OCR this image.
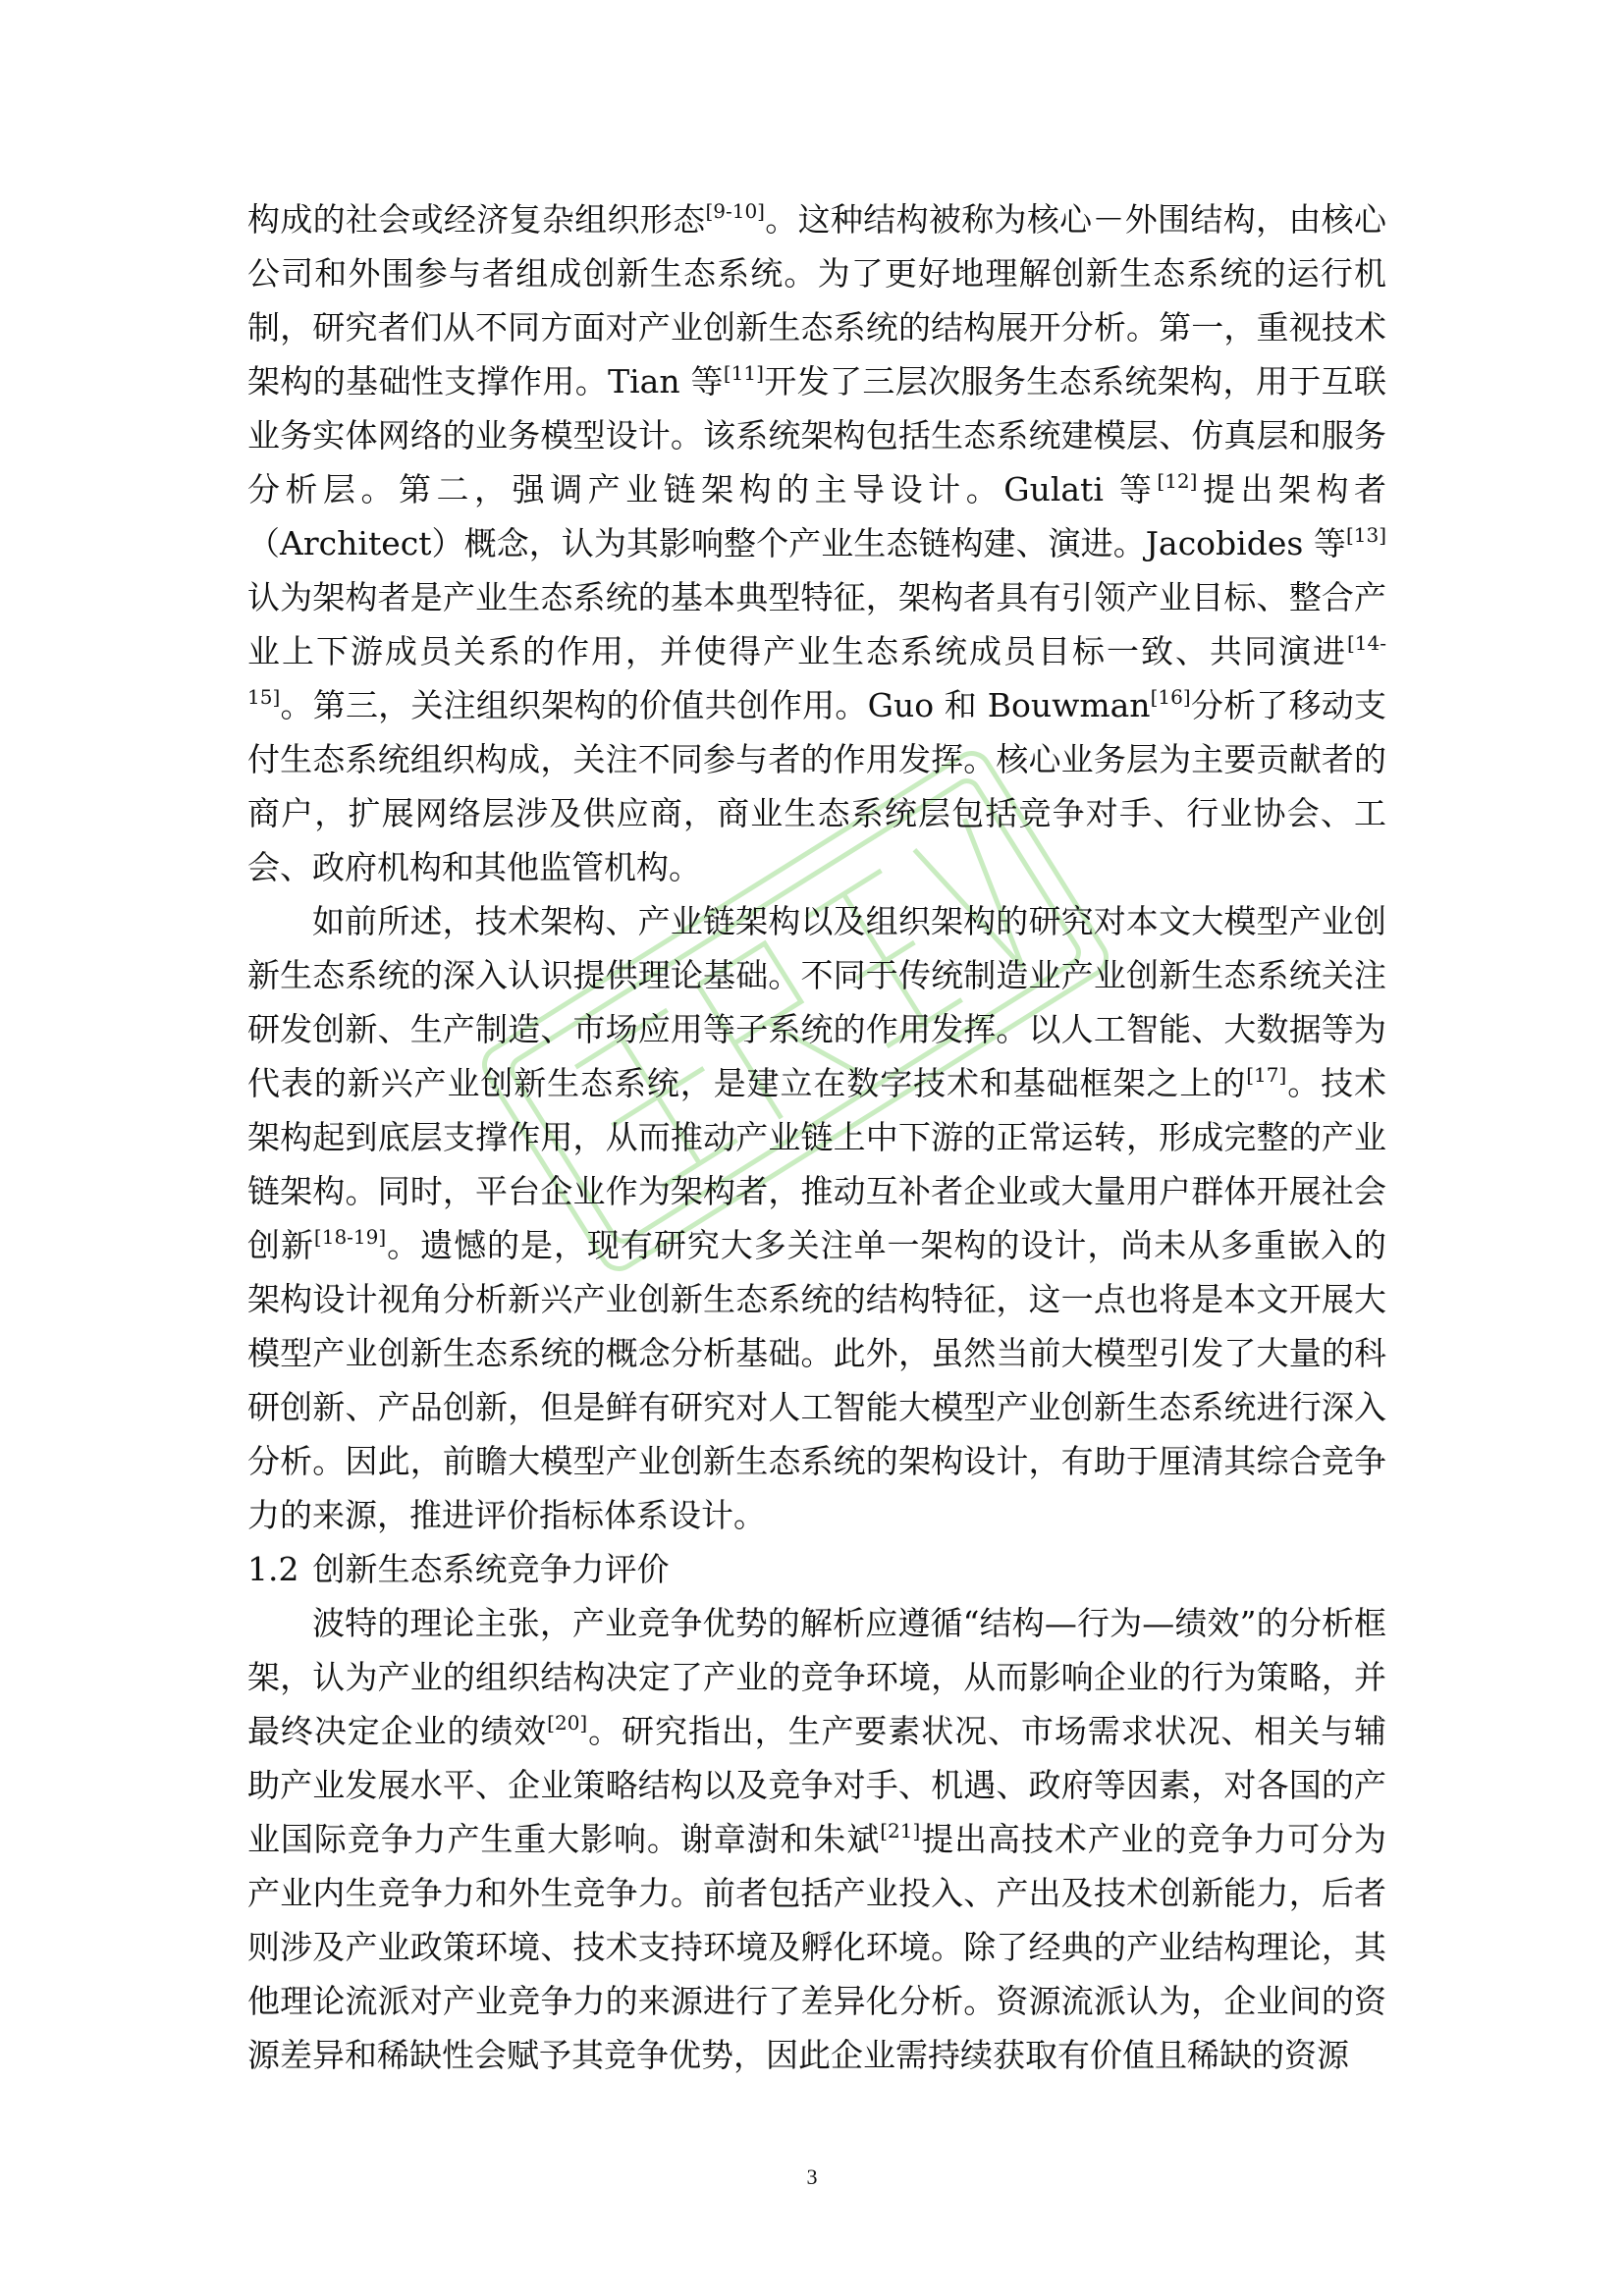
构成的社会或经济复杂组织形态[9-10]。这种结构被称为核心－外围结构，由核心公司和外围参与者组成创新生态系统。为了更好地理解创新生态系统的运行机制，研究者们从不同方面对产业创新生态系统的结构展开分析。第一，重视技术架构的基础性支撑作用。Tian 等[11]开发了三层次服务生态系统架构，用于互联业务实体网络的业务模型设计。该系统架构包括生态系统建模层、仿真层和服务分析层。第二，强调产业链架构的主导设计。Gulati 等[12]提出架构者（Architect）概念，认为其影响整个产业生态链构建、演进。Jacobides 等[13]认为架构者是产业生态系统的基本典型特征，架构者具有引领产业目标、整合产业上下游成员关系的作用，并使得产业生态系统成员目标一致、共同演进[14-15]。第三，关注组织架构的价值共创作用。Guo 和 Bouwman[16]分析了移动支付生态系统组织构成，关注不同参与者的作用发挥。核心业务层为主要贡献者的商户，扩展网络层涉及供应商，商业生态系统层包括竞争对手、行业协会、工会、政府机构和其他监管机构。

如前所述，技术架构、产业链架构以及组织架构的研究对本文大模型产业创新生态系统的深入认识提供理论基础。不同于传统制造业产业创新生态系统关注研发创新、生产制造、市场应用等子系统的作用发挥。以人工智能、大数据等为代表的新兴产业创新生态系统，是建立在数字技术和基础框架之上的[17]。技术架构起到底层支撑作用，从而推动产业链上中下游的正常运转，形成完整的产业链架构。同时，平台企业作为架构者，推动互补者企业或大量用户群体开展社会创新[18-19]。遗憾的是，现有研究大多关注单一架构的设计，尚未从多重嵌入的架构设计视角分析新兴产业创新生态系统的结构特征，这一点也将是本文开展大模型产业创新生态系统的概念分析基础。此外，虽然当前大模型引发了大量的科研创新、产品创新，但是鲜有研究对人工智能大模型产业创新生态系统进行深入分析。因此，前瞻大模型产业创新生态系统的架构设计，有助于厘清其综合竞争力的来源，推进评价指标体系设计。

1.2 创新生态系统竞争力评价

波特的理论主张，产业竞争优势的解析应遵循“结构—行为—绩效”的分析框架，认为产业的组织结构决定了产业的竞争环境，从而影响企业的行为策略，并最终决定企业的绩效[20]。研究指出，生产要素状况、市场需求状况、相关与辅助产业发展水平、企业策略结构以及竞争对手、机遇、政府等因素，对各国的产业国际竞争力产生重大影响。谢章澍和朱斌[21]提出高技术产业的竞争力可分为产业内生竞争力和外生竞争力。前者包括产业投入、产出及技术创新能力，后者则涉及产业政策环境、技术支持环境及孵化环境。除了经典的产业结构理论，其他理论流派对产业竞争力的来源进行了差异化分析。资源流派认为，企业间的资源差异和稀缺性会赋予其竞争优势，因此企业需持续获取有价值且稀缺的资源

3
